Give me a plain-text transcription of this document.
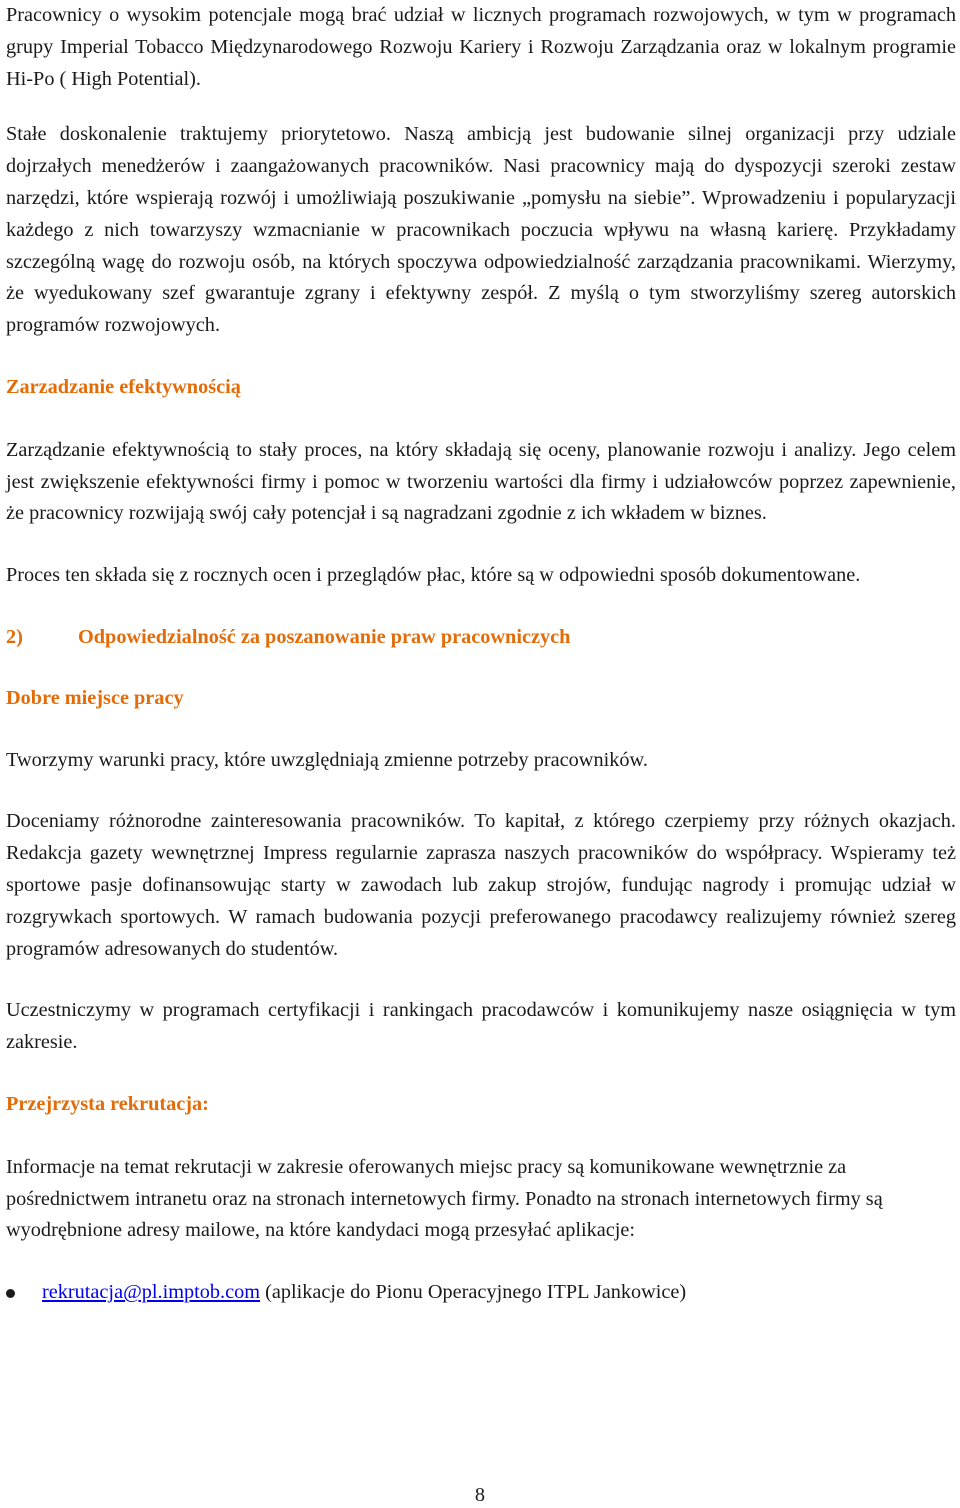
Pracownicy o wysokim potencjale mogą brać udział w licznych programach rozwojowych, w tym w programach grupy Imperial Tobacco Międzynarodowego Rozwoju Kariery i Rozwoju Zarządzania oraz w lokalnym programie Hi-Po ( High Potential).

Stałe doskonalenie traktujemy priorytetowo. Naszą ambicją jest budowanie silnej organizacji przy udziale dojrzałych menedżerów i zaangażowanych pracowników. Nasi pracownicy mają do dyspozycji szeroki zestaw narzędzi, które wspierają rozwój i umożliwiają poszukiwanie „pomysłu na siebie”. Wprowadzeniu i popularyzacji każdego z nich towarzyszy wzmacnianie w pracownikach poczucia wpływu na własną karierę. Przykładamy szczególną wagę do rozwoju osób, na których spoczywa odpowiedzialność zarządzania pracownikami. Wierzymy, że wyedukowany szef gwarantuje zgrany i efektywny zespół. Z myślą o tym stworzyliśmy szereg autorskich programów rozwojowych.

Zarzadzanie efektywnością

Zarządzanie efektywnością to stały proces, na który składają się oceny, planowanie rozwoju i analizy. Jego celem jest zwiększenie efektywności firmy i pomoc w tworzeniu wartości dla firmy i udziałowców poprzez zapewnienie, że pracownicy rozwijają swój cały potencjał i są nagradzani zgodnie z ich wkładem w biznes.

Proces ten składa się z rocznych ocen i przeglądów płac, które są w odpowiedni sposób dokumentowane.

2)	Odpowiedzialność za poszanowanie praw pracowniczych
Dobre miejsce pracy

Tworzymy warunki pracy, które uwzględniają zmienne potrzeby pracowników.

Doceniamy różnorodne zainteresowania pracowników. To kapitał, z którego czerpiemy przy różnych okazjach. Redakcja gazety wewnętrznej Impress regularnie zaprasza naszych pracowników do współpracy. Wspieramy też sportowe pasje dofinansowując starty w zawodach lub zakup strojów, fundując nagrody i promując udział w rozgrywkach sportowych. W ramach budowania pozycji preferowanego pracodawcy realizujemy również szereg programów adresowanych do studentów.

Uczestniczymy w programach certyfikacji i rankingach pracodawców i komunikujemy nasze osiągnięcia w tym zakresie.

Przejrzysta rekrutacja:

Informacje na temat rekrutacji w zakresie oferowanych miejsc pracy są komunikowane wewnętrznie za pośrednictwem intranetu oraz na stronach internetowych firmy. Ponadto na stronach internetowych firmy są wyodrębnione adresy mailowe, na które kandydaci mogą przesyłać aplikacje:

rekrutacja@pl.imptob.com (aplikacje do Pionu Operacyjnego ITPL Jankowice)
8
